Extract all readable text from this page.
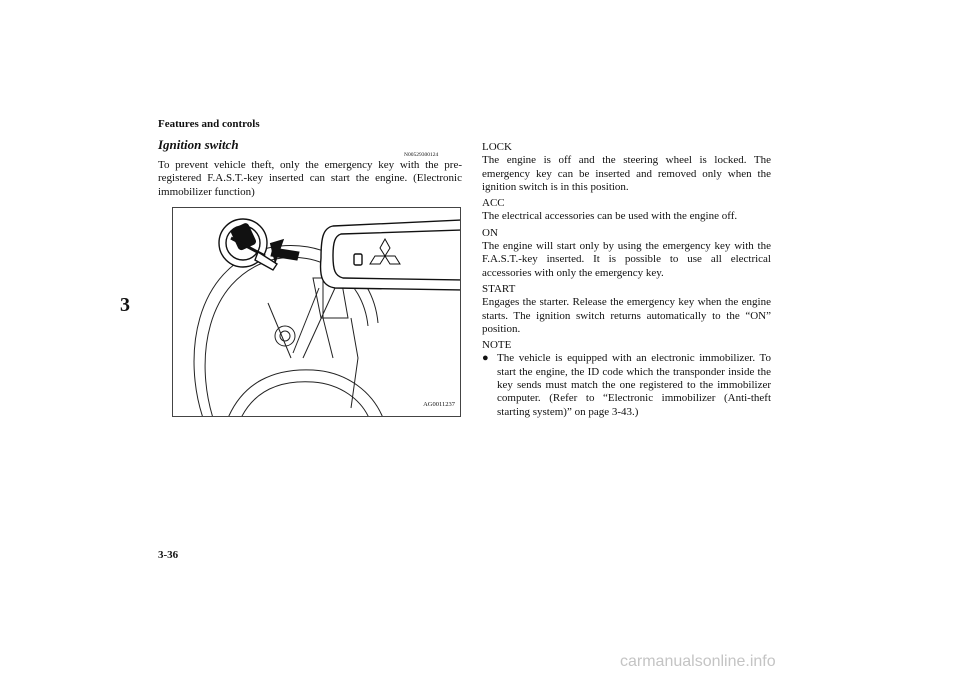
Features and controls
3
Ignition switch
N00529300124

To prevent vehicle theft, only the emergency key with the pre-registered F.A.S.T.-key inserted can start the engine. (Electronic immobilizer function)

AG0011237

LOCK

The engine is off and the steering wheel is locked. The emergency key can be inserted and removed only when the ignition switch is in this position.

ACC

The electrical accessories can be used with the engine off.

ON

The engine will start only by using the emergency key with the F.A.S.T.-key inserted. It is possible to use all electrical accessories with only the emergency key.

START

Engages the starter. Release the emergency key when the engine starts. The ignition switch returns automatically to the “ON” position.

NOTE

● The vehicle is equipped with an electronic immobilizer. To start the engine, the ID code which the transponder inside the key sends must match the one registered to the immobilizer computer. (Refer to “Electronic immobilizer (Anti-theft starting system)” on page 3-43.)
3-36
carmanualsonline.info
